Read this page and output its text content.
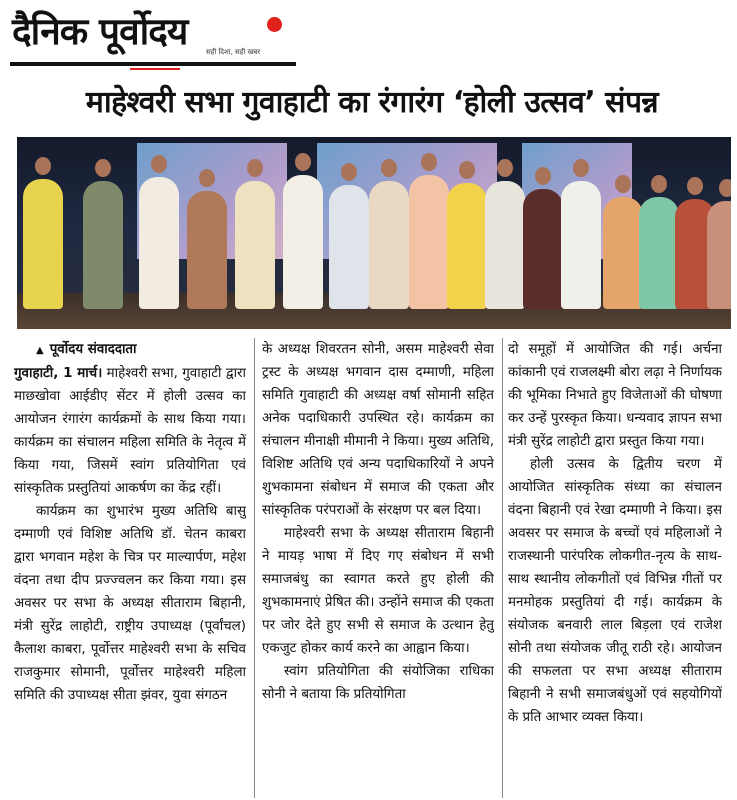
दैनिक पूर्वोदय	सही दिशा, सही खबर
माहेश्वरी सभा गुवाहाटी का रंगारंग ‘होली उत्सव’ संपन्न
▲ पूर्वोदय संवाददाता

गुवाहाटी, 1 मार्च। माहेश्वरी सभा, गुवाहाटी द्वारा माछखोवा आईडीए सेंटर में होली उत्सव का आयोजन रंगारंग कार्यक्रमों के साथ किया गया। कार्यक्रम का संचालन महिला समिति के नेतृत्व में किया गया, जिसमें स्वांग प्रतियोगिता एवं सांस्कृतिक प्रस्तुतियां आकर्षण का केंद्र रहीं।

कार्यक्रम का शुभारंभ मुख्य अतिथि बासु दम्माणी एवं विशिष्ट अतिथि डॉ. चेतन काबरा द्वारा भगवान महेश के चित्र पर माल्यार्पण, महेश वंदना तथा दीप प्रज्ज्वलन कर किया गया। इस अवसर पर सभा के अध्यक्ष सीताराम बिहानी, मंत्री सुरेंद्र लाहोटी, राष्ट्रीय उपाध्यक्ष (पूर्वांचल) कैलाश काबरा, पूर्वोत्तर माहेश्वरी सभा के सचिव राजकुमार सोमानी, पूर्वोत्तर माहेश्वरी महिला समिति की उपाध्यक्ष सीता झंवर, युवा संगठन

के अध्यक्ष शिवरतन सोनी, असम माहेश्वरी सेवा ट्रस्ट के अध्यक्ष भगवान दास दम्माणी, महिला समिति गुवाहाटी की अध्यक्ष वर्षा सोमानी सहित अनेक पदाधिकारी उपस्थित रहे। कार्यक्रम का संचालन मीनाक्षी मीमानी ने किया। मुख्य अतिथि, विशिष्ट अतिथि एवं अन्य पदाधिकारियों ने अपने शुभकामना संबोधन में समाज की एकता और सांस्कृतिक परंपराओं के संरक्षण पर बल दिया।

माहेश्वरी सभा के अध्यक्ष सीताराम बिहानी ने मायड़ भाषा में दिए गए संबोधन में सभी समाजबंधु का स्वागत करते हुए होली की शुभकामनाएं प्रेषित की। उन्होंने समाज की एकता पर जोर देते हुए सभी से समाज के उत्थान हेतु एकजुट होकर कार्य करने का आह्वान किया।

स्वांग प्रतियोगिता की संयोजिका राधिका सोनी ने बताया कि प्रतियोगिता

दो समूहों में आयोजित की गई। अर्चना कांकानी एवं राजलक्ष्मी बोरा लढ़ा ने निर्णायक की भूमिका निभाते हुए विजेताओं की घोषणा कर उन्हें पुरस्कृत किया। धन्यवाद ज्ञापन सभा मंत्री सुरेंद्र लाहोटी द्वारा प्रस्तुत किया गया।

होली उत्सव के द्वितीय चरण में आयोजित सांस्कृतिक संध्या का संचालन वंदना बिहानी एवं रेखा दम्माणी ने किया। इस अवसर पर समाज के बच्चों एवं महिलाओं ने राजस्थानी पारंपरिक लोकगीत-नृत्य के साथ-साथ स्थानीय लोकगीतों एवं विभिन्न गीतों पर मनमोहक प्रस्तुतियां दी गई। कार्यक्रम के संयोजक बनवारी लाल बिड़ला एवं राजेश सोनी तथा संयोजक जीतू राठी रहे। आयोजन की सफलता पर सभा अध्यक्ष सीताराम बिहानी ने सभी समाजबंधुओं एवं सहयोगियों के प्रति आभार व्यक्त किया।
